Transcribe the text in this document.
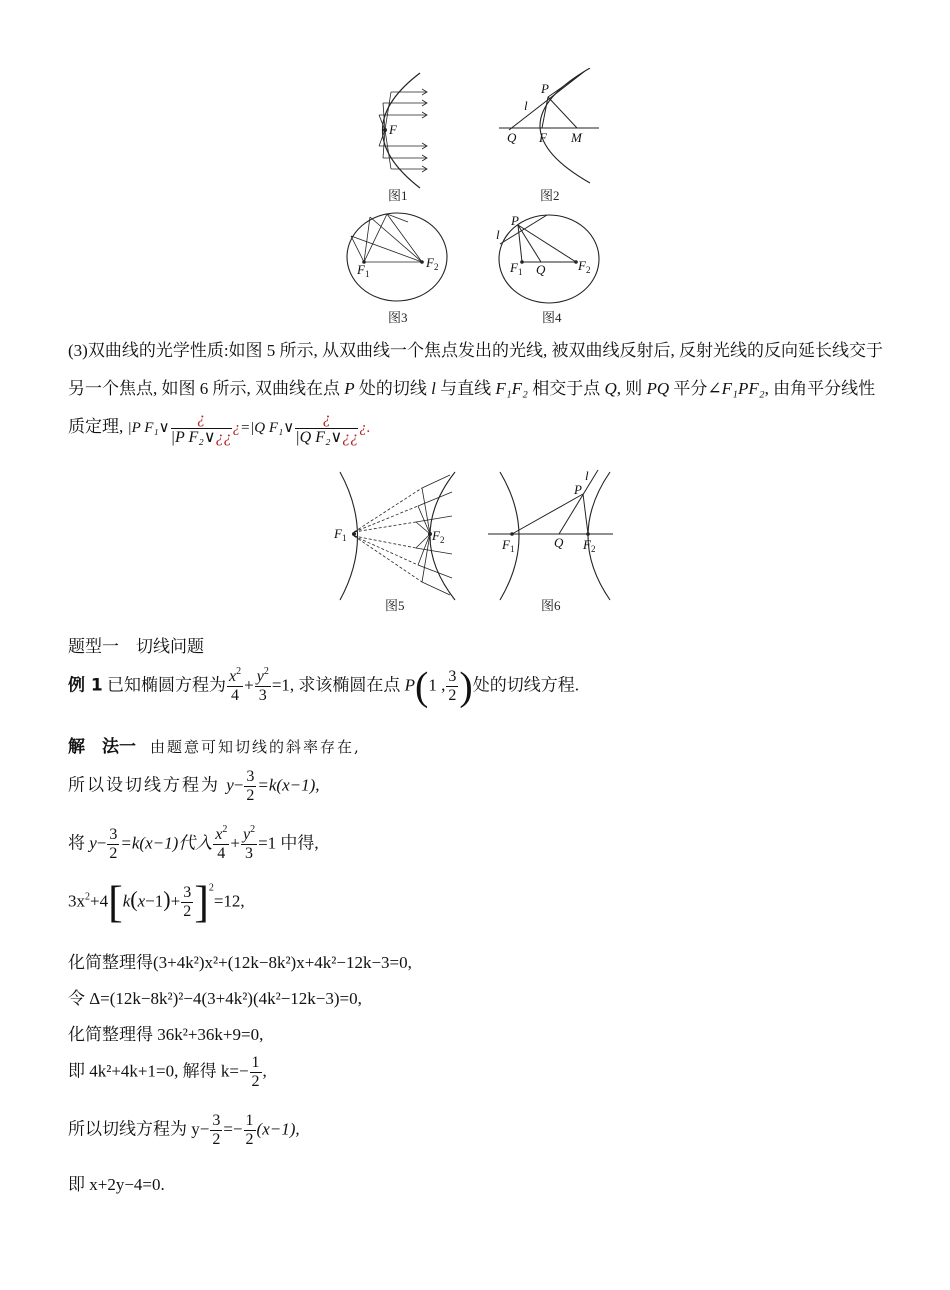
F
图1
P
l
Q F M
图2
$F_1$
$F_2$
图3
P
l
$F_1$ Q	$F_2$
图4
(3)双曲线的光学性质:如图 5 所示, 从双曲线一个焦点发出的光线, 被双曲线反射后, 反射光线的反向延长线交于另一个焦点, 如图 6 所示, 双曲线在点 P 处的切线 l 与直线 F₁F₂ 相交于点 Q, 则 PQ 平分∠F₁PF₂, 由角平分线性质定理, |P F₁∨ $\frac{¿}{\text{|P F₂∨¿¿}}$ ¿=|Q F₁∨ $\frac{¿}{\text{|Q F₂∨¿¿}}$ ¿.
$F_1$	$F_2$
图5
l
P
$F_1$	Q $F_2$
图6
题型一　切线问题
例 1 已知椭圆方程为 $\frac{x^2}{4} + \frac{y^2}{3} =1$, 求该椭圆在点 P(1 , $\frac{3}{2}$ )处的切线方程.
解　法一 由题意可知切线的斜率存在,
所以设切线方程为 $y- \frac{3}{2} =k(x-1)$,
将 $y- \frac{3}{2} =k(x-1)$代入 $\frac{x^2}{4} + \frac{y^2}{3} =1$ 中得,
$3x^2+4[k(x-1)+ \frac{3}{2} ]^2=12$,
化简整理得(3+4k²)x²+(12k−8k²)x+4k²−12k−3=0,
令 Δ=(12k−8k²)²−4(3+4k²)(4k²−12k−3)=0,
化简整理得 36k²+36k+9=0,
即 4k²+4k+1=0, 解得 $k=- \frac{1}{2}$ ,
所以切线方程为 $y- \frac{3}{2} =- \frac{1}{2} (x-1)$,
即 x+2y−4=0.
